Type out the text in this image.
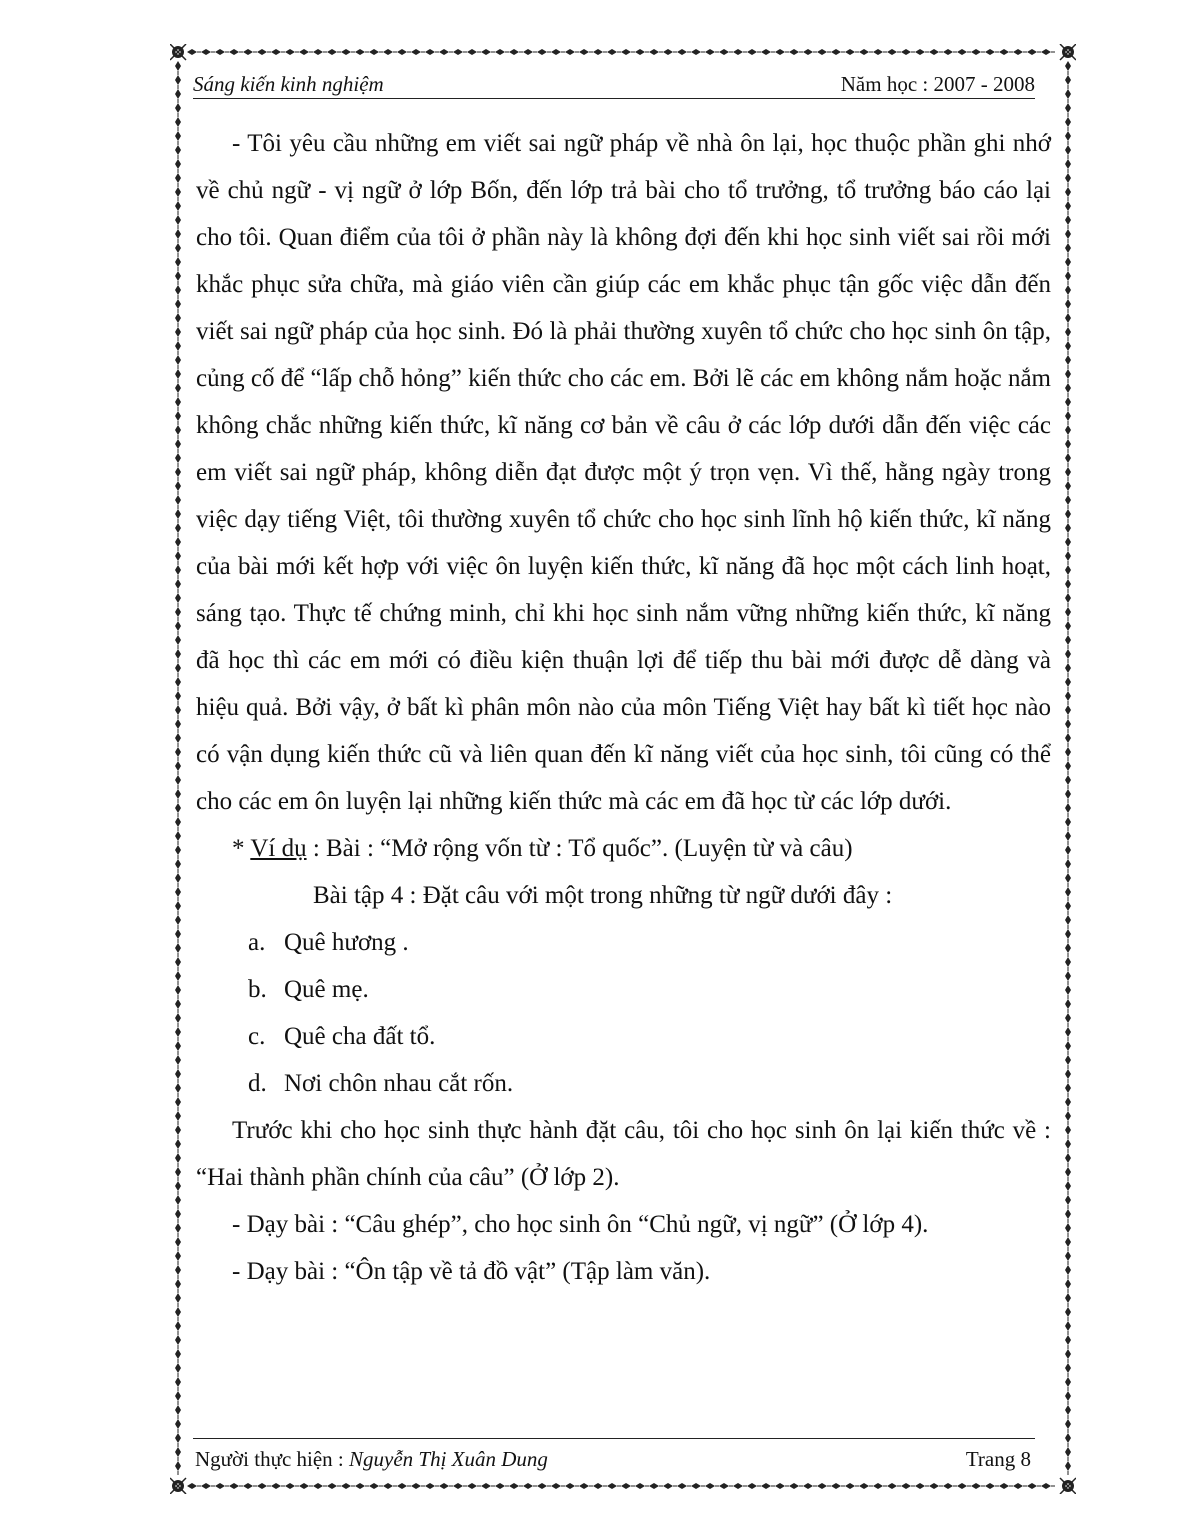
Sáng kiến kinh nghiệm	Năm học : 2007 - 2008

- Tôi yêu cầu những em viết sai ngữ pháp về nhà ôn lại, học thuộc phần ghi nhớ về chủ ngữ - vị ngữ ở lớp Bốn, đến lớp trả bài cho tổ trưởng, tổ trưởng báo cáo lại cho tôi. Quan điểm của tôi ở phần này là không đợi đến khi học sinh viết sai rồi mới khắc phục sửa chữa, mà giáo viên cần giúp các em khắc phục tận gốc việc dẫn đến viết sai ngữ pháp của học sinh. Đó là phải thường xuyên tổ chức cho học sinh ôn tập, củng cố để “lấp chỗ hỏng” kiến thức cho các em. Bởi lẽ các em không nắm hoặc nắm không chắc những kiến thức, kĩ năng cơ bản về câu ở các lớp dưới dẫn đến việc các em viết sai ngữ pháp, không diễn đạt được một ý trọn vẹn. Vì thế, hằng ngày trong việc dạy tiếng Việt, tôi thường xuyên tổ chức cho học sinh lĩnh hộ kiến thức, kĩ năng của bài mới kết hợp với việc ôn luyện kiến thức, kĩ năng đã học một cách linh hoạt, sáng tạo. Thực tế chứng minh, chỉ khi học sinh nắm vững những kiến thức, kĩ năng đã học thì các em mới có điều kiện thuận lợi để tiếp thu bài mới được dễ dàng và hiệu quả. Bởi vậy, ở bất kì phân môn nào của môn Tiếng Việt hay bất kì tiết học nào có vận dụng kiến thức cũ và liên quan đến kĩ năng viết của học sinh, tôi cũng có thể cho các em ôn luyện lại những kiến thức mà các em đã học từ các lớp dưới.

* Ví dụ : Bài : “Mở rộng vốn từ : Tổ quốc”. (Luyện từ và câu)

Bài tập 4 : Đặt câu với một trong những từ ngữ dưới đây :

a. Quê hương .

b. Quê mẹ.

c. Quê cha đất tổ.

d. Nơi chôn nhau cắt rốn.

Trước khi cho học sinh thực hành đặt câu, tôi cho học sinh ôn lại kiến thức về : “Hai thành phần chính của câu” (Ở lớp 2).

- Dạy bài : “Câu ghép”, cho học sinh ôn “Chủ ngữ, vị ngữ” (Ở lớp 4).

- Dạy bài : “Ôn tập về tả đồ vật” (Tập làm văn).

Người thực hiện : Nguyễn Thị Xuân Dung	Trang 8
